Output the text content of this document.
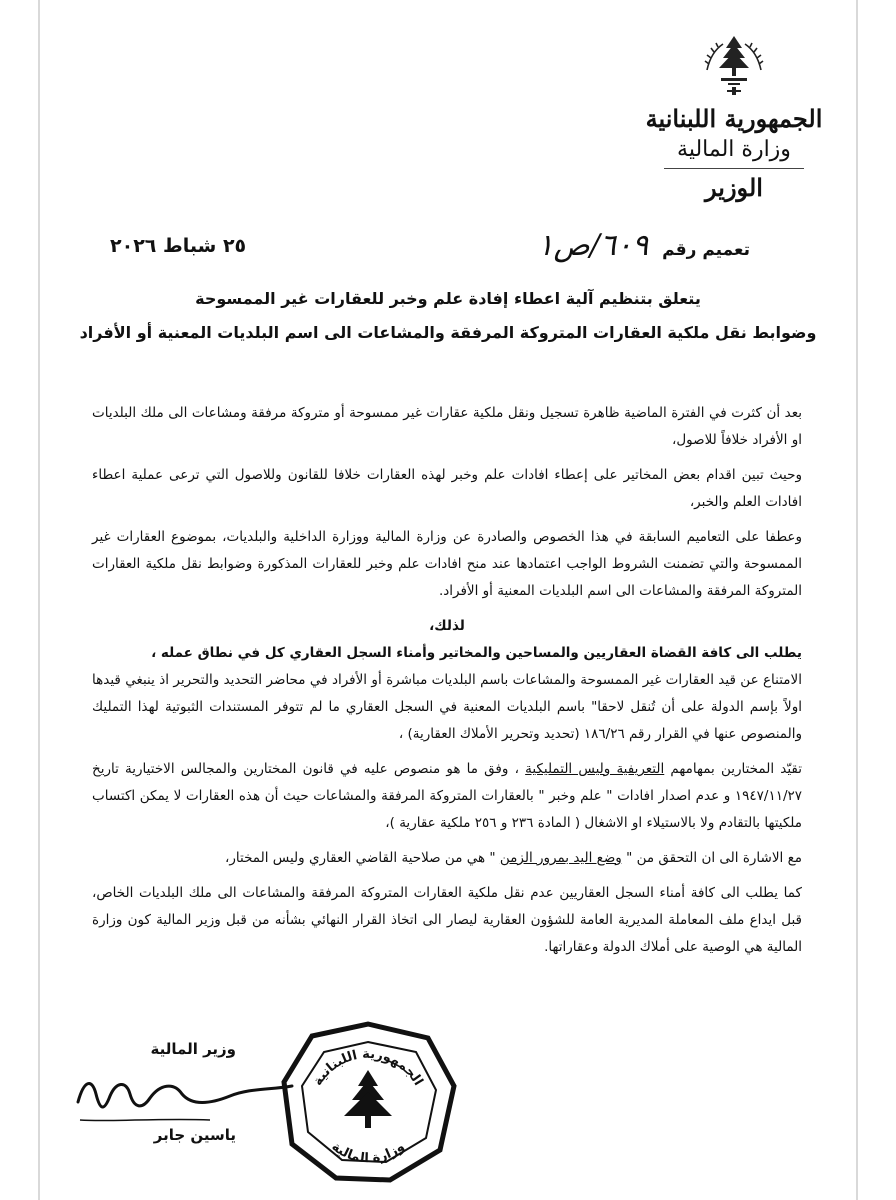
الجمهورية اللبنانية
وزارة المالية
الوزير
تعميم رقم ٦٠٩/ص١
٢٥ شباط ٢٠٢٦
يتعلق بتنظيم آلية اعطاء إفادة علم وخبر للعقارات غير الممسوحة
وضوابط نقل ملكية العقارات المتروكة المرفقة والمشاعات الى اسم البلديات المعنية أو الأفراد

بعد أن كثرت في الفترة الماضية ظاهرة تسجيل ونقل ملكية عقارات غير ممسوحة أو متروكة مرفقة ومشاعات الى ملك البلديات او الأفراد خلافاً للاصول،

وحيث تبين اقدام بعض المخاتير على إعطاء افادات علم وخبر لهذه العقارات خلافا للقانون وللاصول التي ترعى عملية اعطاء افادات العلم والخبر،

وعطفا على التعاميم السابقة في هذا الخصوص والصادرة عن وزارة المالية ووزارة الداخلية والبلديات، بموضوع العقارات غير الممسوحة والتي تضمنت الشروط الواجب اعتمادها عند منح افادات علم وخبر للعقارات المذكورة وضوابط نقل ملكية العقارات المتروكة المرفقة والمشاعات الى اسم البلديات المعنية أو الأفراد.

لذلك،

يطلب الى كافة القضاة العقاريين والمساحين والمخاتير وأمناء السجل العقاري كل في نطاق عمله ،

الامتناع عن قيد العقارات غير الممسوحة والمشاعات باسم البلديات مباشرة أو الأفراد في محاضر التحديد والتحرير اذ ينبغي قيدها اولاً بإسم الدولة على أن تُنقل لاحقا" باسم البلديات المعنية في السجل العقاري ما لم تتوفر المستندات الثبوتية لهذا التمليك والمنصوص عنها في القرار رقم ١٨٦/٢٦ (تحديد وتحرير الأملاك العقارية) ،

تقيّد المختارين بمهامهم التعريفية وليس التمليكية ، وفق ما هو منصوص عليه في قانون المختارين والمجالس الاختيارية تاريخ ١٩٤٧/١١/٢٧ و عدم اصدار افادات " علم وخبر " بالعقارات المتروكة المرفقة والمشاعات حيث أن هذه العقارات لا يمكن اكتساب ملكيتها بالتقادم ولا بالاستيلاء او الاشغال ( المادة ٢٣٦ و ٢٥٦ ملكية عقارية )،

مع الاشارة الى ان التحقق من " وضع اليد بمرور الزمن " هي من صلاحية القاضي العقاري وليس المختار،

كما يطلب الى كافة أمناء السجل العقاريين عدم نقل ملكية العقارات المتروكة المرفقة والمشاعات الى ملك البلديات الخاص، قبل ايداع ملف المعاملة المديرية العامة للشؤون العقارية ليصار الى اتخاذ القرار النهائي بشأنه من قبل وزير المالية كون وزارة المالية هي الوصية على أملاك الدولة وعقاراتها.

وزير المالية
ياسين جابر
الجمهورية اللبنانية
وزارة المالية
